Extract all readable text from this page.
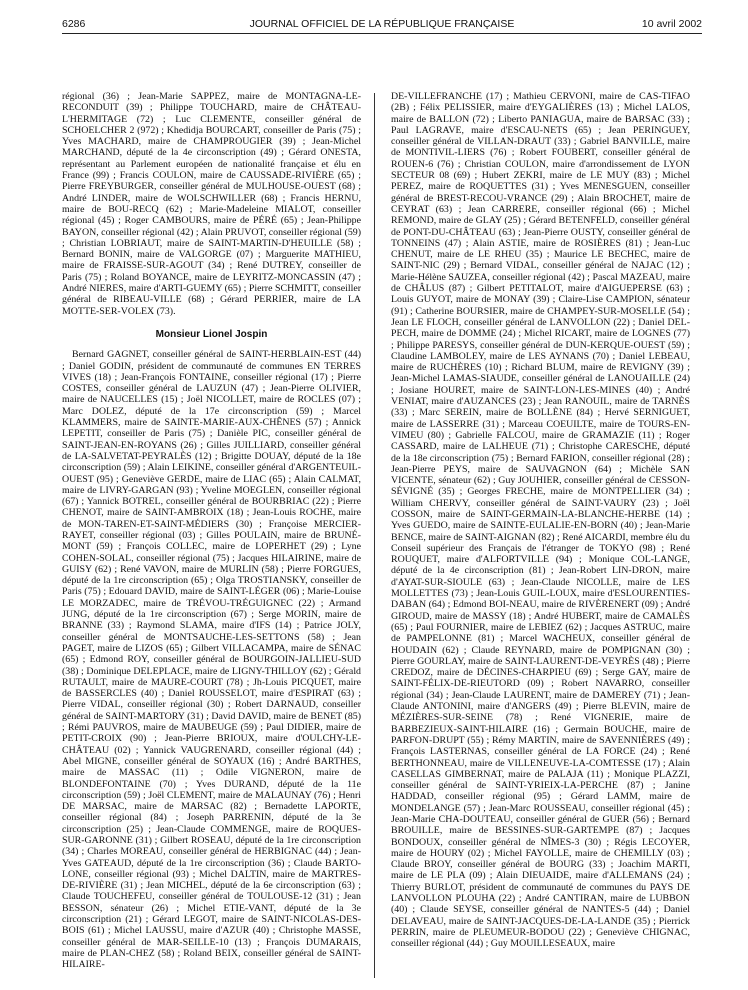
6286	JOURNAL OFFICIEL DE LA RÉPUBLIQUE FRANÇAISE	10 avril 2002

régional (36) ; Jean-Marie SAPPEZ, maire de MONTAGNA-LE-RECONDUIT (39) ; Philippe TOUCHARD, maire de CHÂTEAU-L'HERMITAGE (72) ; Luc CLEMENTE, conseiller général de SCHOELCHER 2 (972) ; Khedidja BOURCART, conseiller de Paris (75) ; Yves MACHARD, maire de CHAMPROUGIER (39) ; Jean-Michel MARCHAND, député de la 4e circonscription (49) ; Gérard ONESTA, représentant au Parlement européen de nationalité française et élu en France (99) ; Francis COULON, maire de CAUSSADE-RIVIÈRE (65) ; Pierre FREYBURGER, conseiller général de MULHOUSE-OUEST (68) ; André LINDER, maire de WOLSCHWILLER (68) ; Francis HERNU, maire de BOU-RECQ (62) ; Marie-Madeleine MIALOT, conseiller régional (45) ; Roger CAMBOURS, maire de PÉRÉ (65) ; Jean-Philippe BAYON, conseiller régional (42) ; Alain PRUVOT, conseiller régional (59) ; Christian LOBRIAUT, maire de SAINT-MARTIN-D'HEUILLE (58) ; Bernard BONIN, maire de VALGORGE (07) ; Marguerite MATHIEU, maire de FRAISSE-SUR-AGOUT (34) ; René DUTREY, conseiller de Paris (75) ; Roland BOYANCE, maire de LEYRITZ-MONCASSIN (47) ; André NIERES, maire d'ARTI-GUEMY (65) ; Pierre SCHMITT, conseiller général de RIBEAU-VILLE (68) ; Gérard PERRIER, maire de LA MOTTE-SER-VOLEX (73).

Monsieur Lionel Jospin

Bernard GAGNET, conseiller général de SAINT-HERBLAIN-EST (44) ; Daniel GODIN, président de communauté de communes EN TERRES VIVES (18) ; Jean-François FONTAINE, conseiller régional (17) ; Pierre COSTES, conseiller général de LAUZUN (47) ; Jean-Pierre OLIVIER, maire de NAUCELLES (15) ; Joël NICOLLET, maire de ROCLES (07) ; Marc DOLEZ, député de la 17e circonscription (59) ; Marcel KLAMMERS, maire de SAINTE-MARIE-AUX-CHÊNES (57) ; Annick LEPETIT, conseiller de Paris (75) ; Danièle PIC, conseiller général de SAINT-JEAN-EN-ROYANS (26) ; Gilles JUILLIARD, conseiller général de LA-SALVETAT-PEYRALÈS (12) ; Brigitte DOUAY, député de la 18e circonscription (59) ; Alain LEIKINE, conseiller général d'ARGENTEUIL-OUEST (95) ; Geneviève GERDE, maire de LIAC (65) ; Alain CALMAT, maire de LIVRY-GARGAN (93) ; Yveline MOEGLEN, conseiller régional (67) ; Yannick BOTREL, conseiller général de BOURBRIAC (22) ; Pierre CHENOT, maire de SAINT-AMBROIX (18) ; Jean-Louis ROCHE, maire de MON-TAREN-ET-SAINT-MÉDIERS (30) ; Françoise MERCIER-RAYET, conseiller régional (03) ; Gilles POULAIN, maire de BRUNÉ-MONT (59) ; François COLLEC, maire de LOPERHET (29) ; Lyne COHEN-SOLAL, conseiller régional (75) ; Jacques HILAIRINE, maire de GUISY (62) ; René VAVON, maire de MURLIN (58) ; Pierre FORGUES, député de la 1re circonscription (65) ; Olga TROSTIANSKY, conseiller de Paris (75) ; Edouard DAVID, maire de SAINT-LÉGER (06) ; Marie-Louise LE MORZADEC, maire de TRÉVOU-TRÉGUIGNEC (22) ; Armand JUNG, député de la 1re circonscription (67) ; Serge MORIN, maire de BRANNE (33) ; Raymond SLAMA, maire d'IFS (14) ; Patrice JOLY, conseiller général de MONTSAUCHE-LES-SETTONS (58) ; Jean PAGET, maire de LIZOS (65) ; Gilbert VILLACAMPA, maire de SÉNAC (65) ; Edmond ROY, conseiller général de BOURGOIN-JALLIEU-SUD (38) ; Dominique DELEPLACE, maire de LIGNY-THILLOY (62) ; Gérald RUTAULT, maire de MAURE-COURT (78) ; Jh-Louis PICQUET, maire de BASSERCLES (40) ; Daniel ROUSSELOT, maire d'ESPIRAT (63) ; Pierre VIDAL, conseiller régional (30) ; Robert DARNAUD, conseiller général de SAINT-MARTORY (31) ; David DAVID, maire de BENET (85) ; Rémi PAUVROS, maire de MAUBEUGE (59) ; Paul DIDIER, maire de PETIT-CROIX (90) ; Jean-Pierre BRIOUX, maire d'OULCHY-LE-CHÂTEAU (02) ; Yannick VAUGRENARD, conseiller régional (44) ; Abel MIGNE, conseiller général de SOYAUX (16) ; André BARTHES, maire de MASSAC (11) ; Odile VIGNERON, maire de BLONDEFONTAINE (70) ; Yves DURAND, député de la 11e circonscription (59) ; Joël CLEMENT, maire de MALAUNAY (76) ; Henri DE MARSAC, maire de MARSAC (82) ; Bernadette LAPORTE, conseiller régional (84) ; Joseph PARRENIN, député de la 3e circonscription (25) ; Jean-Claude COMMENGE, maire de ROQUES-SUR-GARONNE (31) ; Gilbert ROSEAU, député de la 1re circonscription (34) ; Charles MOREAU, conseiller général de HERBIGNAC (44) ; Jean-Yves GATEAUD, député de la 1re circonscription (36) ; Claude BARTO-LONE, conseiller régional (93) ; Michel DALTIN, maire de MARTRES-DE-RIVIÈRE (31) ; Jean MICHEL, député de la 6e circonscription (63) ; Claude TOUCHEFEU, conseiller général de TOULOUSE-12 (31) ; Jean BESSON, sénateur (26) ; Michel ETIE-VANT, député de la 3e circonscription (21) ; Gérard LEGOT, maire de SAINT-NICOLAS-DES-BOIS (61) ; Michel LAUSSU, maire d'AZUR (40) ; Christophe MASSE, conseiller général de MAR-SEILLE-10 (13) ; François DUMARAIS, maire de PLAN-CHEZ (58) ; Roland BEIX, conseiller général de SAINT-HILAIRE-

DE-VILLEFRANCHE (17) ; Mathieu CERVONI, maire de CAS-TIFAO (2B) ; Félix PELISSIER, maire d'EYGALIÈRES (13) ; Michel LALOS, maire de BALLON (72) ; Liberto PANIAGUA, maire de BARSAC (33) ; Paul LAGRAVE, maire d'ESCAU-NETS (65) ; Jean PERINGUEY, conseiller général de VILLAN-DRAUT (33) ; Gabriel BANVILLE, maire de MONTIVIL-LIERS (76) ; Robert FOUBERT, conseiller général de ROUEN-6 (76) ; Christian COULON, maire d'arrondissement de LYON SECTEUR 08 (69) ; Hubert ZEKRI, maire de LE MUY (83) ; Michel PEREZ, maire de ROQUETTES (31) ; Yves MENESGUEN, conseiller général de BREST-RECOU-VRANCE (29) ; Alain BROCHET, maire de CEYRAT (63) ; Jean CARRERE, conseiller régional (66) ; Michel REMOND, maire de GLAY (25) ; Gérard BETENFELD, conseiller général de PONT-DU-CHÂTEAU (63) ; Jean-Pierre OUSTY, conseiller général de TONNEINS (47) ; Alain ASTIE, maire de ROSIÈRES (81) ; Jean-Luc CHENUT, maire de LE RHEU (35) ; Maurice LE BECHEC, maire de SAINT-NIC (29) ; Bernard VIDAL, conseiller général de NAJAC (12) ; Marie-Hélène SAUZEA, conseiller régional (42) ; Pascal MAZEAU, maire de CHÂLUS (87) ; Gilbert PETITALOT, maire d'AIGUEPERSE (63) ; Louis GUYOT, maire de MONAY (39) ; Claire-Lise CAMPION, sénateur (91) ; Catherine BOURSIER, maire de CHAMPEY-SUR-MOSELLE (54) ; Jean LE FLOCH, conseiller général de LANVOLLON (22) ; Daniel DEL-PECH, maire de DOMME (24) ; Michel RICART, maire de LOGNES (77) ; Philippe PARESYS, conseiller général de DUN-KERQUE-OUEST (59) ; Claudine LAMBOLEY, maire de LES AYNANS (70) ; Daniel LEBEAU, maire de RUCHÈRES (10) ; Richard BLUM, maire de REVIGNY (39) ; Jean-Michel LAMAS-SIAUDE, conseiller général de LANOUAILLE (24) ; Josiane HOURET, maire de SAINT-LON-LES-MINES (40) ; André VENIAT, maire d'AUZANCES (23) ; Jean RANOUIL, maire de TARNÈS (33) ; Marc SEREIN, maire de BOLLÈNE (84) ; Hervé SERNIGUET, maire de LASSERRE (31) ; Marceau COEUILTE, maire de TOURS-EN-VIMEU (80) ; Gabrielle FALCOU, maire de GRAMAZIE (11) ; Roger CASSARD, maire de LALHEUE (71) ; Christophe CARESCHE, député de la 18e circonscription (75) ; Bernard FARION, conseiller régional (28) ; Jean-Pierre PEYS, maire de SAUVAGNON (64) ; Michèle SAN VICENTE, sénateur (62) ; Guy JOUHIER, conseiller général de CESSON-SÉVIGNÉ (35) ; Georges FRECHE, maire de MONTPELLIER (34) ; William CHERVY, conseiller général de SAINT-VAURY (23) ; Joël COSSON, maire de SAINT-GERMAIN-LA-BLANCHE-HERBE (14) ; Yves GUEDO, maire de SAINTE-EULALIE-EN-BORN (40) ; Jean-Marie BENCE, maire de SAINT-AIGNAN (82) ; René AICARDI, membre élu du Conseil supérieur des Français de l'étranger de TOKYO (98) ; René ROUQUET, maire d'ALFORTVILLE (94) ; Monique COL-LANGE, député de la 4e circonscription (81) ; Jean-Robert LIN-DRON, maire d'AYAT-SUR-SIOULE (63) ; Jean-Claude NICOLLE, maire de LES MOLLETTES (73) ; Jean-Louis GUIL-LOUX, maire d'ESLOURENTIES-DABAN (64) ; Edmond BOI-NEAU, maire de RIVÈRENERT (09) ; André GIROUD, maire de MASSY (18) ; André HUBERT, maire de CAMALÈS (65) ; Paul FOURNIER, maire de LEBIEZ (62) ; Jacques ASTRUC, maire de PAMPELONNE (81) ; Marcel WACHEUX, conseiller général de HOUDAIN (62) ; Claude REYNARD, maire de POMPIGNAN (30) ; Pierre GOURLAY, maire de SAINT-LAURENT-DE-VEYRÈS (48) ; Pierre CREDOZ, maire de DÉCINES-CHARPIEU (69) ; Serge GAY, maire de SAINT-FÉLIX-DE-RIEUTORD (09) ; Robert NAVARRO, conseiller régional (34) ; Jean-Claude LAURENT, maire de DAMEREY (71) ; Jean-Claude ANTONINI, maire d'ANGERS (49) ; Pierre BLEVIN, maire de MÉZIÈRES-SUR-SEINE (78) ; René VIGNERIE, maire de BARBEZIEUX-SAINT-HILAIRE (16) ; Germain BOUCHE, maire de PARFON-DRUPT (55) ; Rémy MARTIN, maire de SAVENNIÈRES (49) ; François LASTERNAS, conseiller général de LA FORCE (24) ; René BERTHONNEAU, maire de VILLENEUVE-LA-COMTESSE (17) ; Alain CASELLAS GIMBERNAT, maire de PALAJA (11) ; Monique PLAZZI, conseiller général de SAINT-YRIEIX-LA-PERCHE (87) ; Janine HADDAD, conseiller régional (95) ; Gérard LAMM, maire de MONDELANGE (57) ; Jean-Marc ROUSSEAU, conseiller régional (45) ; Jean-Marie CHA-DOUTEAU, conseiller général de GUER (56) ; Bernard BROUILLE, maire de BESSINES-SUR-GARTEMPE (87) ; Jacques BONDOUX, conseiller général de NÎMES-3 (30) ; Régis LECOYER, maire de HOURY (02) ; Michel FAYOLLE, maire de CHEMILLY (03) ; Claude BROY, conseiller général de BOURG (33) ; Joachim MARTI, maire de LE PLA (09) ; Alain DIEUAIDE, maire d'ALLEMANS (24) ; Thierry BURLOT, président de communauté de communes du PAYS DE LANVOLLON PLOUHA (22) ; André CANTIRAN, maire de LUBBON (40) ; Claude SEYSE, conseiller général de NANTES-5 (44) ; Daniel DELAVEAU, maire de SAINT-JACQUES-DE-LA-LANDE (35) ; Pierrick PERRIN, maire de PLEUMEUR-BODOU (22) ; Geneviève CHIGNAC, conseiller régional (44) ; Guy MOUILLESEAUX, maire
